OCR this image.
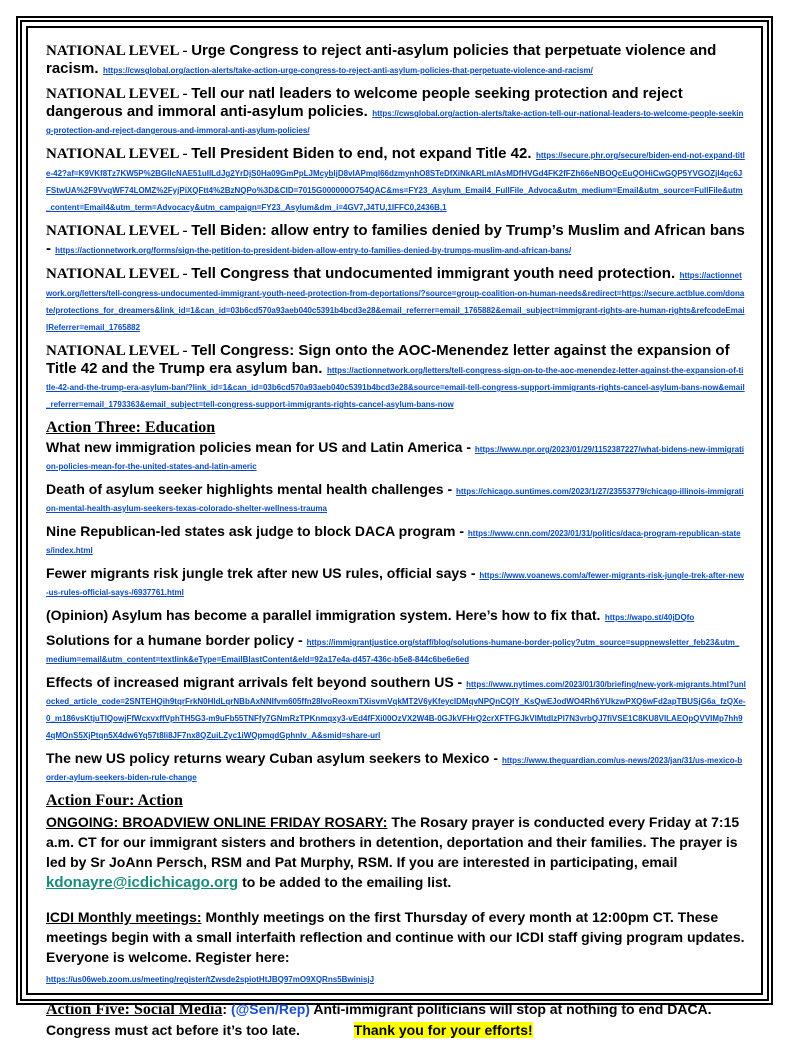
NATIONAL LEVEL - Urge Congress to reject anti-asylum policies that perpetuate violence and racism. https://cwsglobal.org/action-alerts/take-action-urge-congress-to-reject-anti-asylum-policies-that-perpetuate-violence-and-racism/
NATIONAL LEVEL - Tell our natl leaders to welcome people seeking protection and reject dangerous and immoral anti-asylum policies. https://cwsglobal.org/action-alerts/take-action-tell-our-national-leaders-to-welcome-people-seeking-protection-and-reject-dangerous-and-immoral-anti-asylum-policies/
NATIONAL LEVEL - Tell President Biden to end, not expand Title 42. https://secure.phr.org/secure/biden-end-not-expand-title-42?af=K9VKf8Tz7KW5P%2BGlIcNAE51uIlLdJg2YrDjS0Ha09GmPpLJMcybIjD8vIAPmql66dzmynhO8STeDfXiNkARLmlAsMDfHVGd4FK2fFZh66eNBOQcEuQOHiCwGQP5YVGOZjl4qc6JFStwUA%2F9VvqWF74LOMZ%2FyjPiXQFtt4%2BzNQPo%3D&CID=7015G000000O754QAC&ms=FY23_Asylum_Email4_FullFile_Advoca&utm_medium=Email&utm_source=FullFile&utm_content=Email4&utm_term=Advocacy&utm_campaign=FY23_Asylum&dm_i=4GV7,J4TU,1IFFC0,2436B,1
NATIONAL LEVEL - Tell Biden: allow entry to families denied by Trump’s Muslim and African bans - https://actionnetwork.org/forms/sign-the-petition-to-president-biden-allow-entry-to-families-denied-by-trumps-muslim-and-african-bans/
NATIONAL LEVEL - Tell Congress that undocumented immigrant youth need protection. https://actionnetwork.org/letters/tell-congress-undocumented-immigrant-youth-need-protection-from-deportations/?source=group-coalition-on-human-needs&redirect=https://secure.actblue.com/donate/protections_for_dreamers&link_id=1&can_id=03b6cd570a93aeb040c5391b4bcd3e28&email_referrer=email_1765882&email_subject=immigrant-rights-are-human-rights&refcodeEmailReferrer=email_1765882
NATIONAL LEVEL - Tell Congress: Sign onto the AOC-Menendez letter against the expansion of Title 42 and the Trump era asylum ban. https://actionnetwork.org/letters/tell-congress-sign-on-to-the-aoc-menendez-letter-against-the-expansion-of-title-42-and-the-trump-era-asylum-ban/?link_id=1&can_id=03b6cd570a93aeb040c5391b4bcd3e28&source=email-tell-congress-support-immigrants-rights-cancel-asylum-bans-now&email_referrer=email_1793363&email_subject=tell-congress-support-immigrants-rights-cancel-asylum-bans-now
Action Three: Education
What new immigration policies mean for US and Latin America - https://www.npr.org/2023/01/29/1152387227/what-bidens-new-immigration-policies-mean-for-the-united-states-and-latin-americ
Death of asylum seeker highlights mental health challenges - https://chicago.suntimes.com/2023/1/27/23553779/chicago-illinois-immigration-mental-health-asylum-seekers-texas-colorado-shelter-wellness-trauma
Nine Republican-led states ask judge to block DACA program - https://www.cnn.com/2023/01/31/politics/daca-program-republican-states/index.html
Fewer migrants risk jungle trek after new US rules, official says - https://www.voanews.com/a/fewer-migrants-risk-jungle-trek-after-new-us-rules-official-says-/6937761.html
(Opinion) Asylum has become a parallel immigration system. Here’s how to fix that. https://wapo.st/40jDQfo
Solutions for a humane border policy - https://immigrantjustice.org/staff/blog/solutions-humane-border-policy?utm_source=suppnewsletter_feb23&utm_medium=email&utm_content=textlink&eType=EmailBlastContent&eId=92a17e4a-d457-436c-b5e8-844c6be6e6ed
Effects of increased migrant arrivals felt beyond southern US - https://www.nytimes.com/2023/01/30/briefing/new-york-migrants.html?unlocked_article_code=2SNTEHQih9tqrFrkN0HIdLqrNBbAxNNIfvm605ffn28lvoReoxmTXisvmVqkMT2V6yKfeycIDMqvNPQnCQIY_KsQwEJodWO4Rh6YUkzwPXQ6wFd2apTBUSjG6a_fzQXe-0_m186vsKtjuTlQowjFfWcxvxffVphTH5G3-m9uFb55TNFfy7GNmRzTPKnmqxy3-vEd4fFXi00OzVX2W4B-0GJkVFHrQ2crXFTFGJkVlMtdlzPl7N3vrbQJ7fiVSE1C8KU8VILAEOpQVVIMp7hh94qMOnS5XjPtqn5X4dw6Yq57t8li8JF7nx8QZuiLZyc1iWQpmqdGphnIv_A&smid=share-url
The new US policy returns weary Cuban asylum seekers to Mexico - https://www.theguardian.com/us-news/2023/jan/31/us-mexico-border-aylum-seekers-biden-rule-change
Action Four: Action
ONGOING: BROADVIEW ONLINE FRIDAY ROSARY: The Rosary prayer is conducted every Friday at 7:15 a.m. CT for our immigrant sisters and brothers in detention, deportation and their families. The prayer is led by Sr JoAnn Persch, RSM and Pat Murphy, RSM. If you are interested in participating, email kdonayre@icdichicago.org to be added to the emailing list.
ICDI Monthly meetings: Monthly meetings on the first Thursday of every month at 12:00pm CT. These meetings begin with a small interfaith reflection and continue with our ICDI staff giving program updates. Everyone is welcome. Register here:
https://us06web.zoom.us/meeting/register/tZwsde2spiotHtJBQ97mO9XQRns5BwinisjJ
Action Five: Social Media: (@Sen/Rep) Anti-immigrant politicians will stop at nothing to end DACA. Congress must act before it’s too late.	Thank you for your efforts!
